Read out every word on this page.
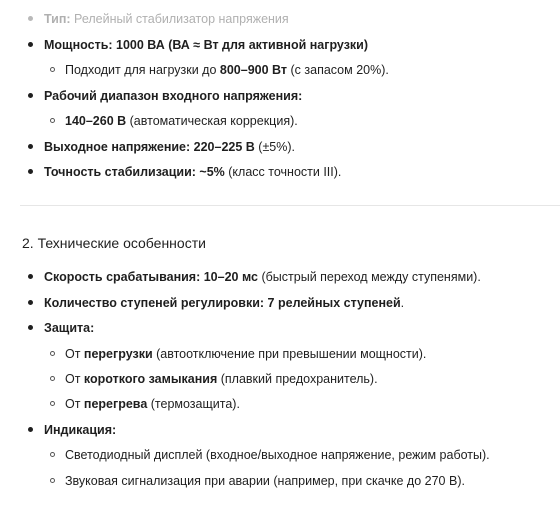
Тип: Релейный стабилизатор напряжения
Мощность: 1000 ВА (ВА ≈ Вт для активной нагрузки)
Подходит для нагрузки до 800–900 Вт (с запасом 20%).
Рабочий диапазон входного напряжения:
140–260 В (автоматическая коррекция).
Выходное напряжение: 220–225 В (±5%).
Точность стабилизации: ~5% (класс точности III).
2. Технические особенности
Скорость срабатывания: 10–20 мс (быстрый переход между ступенями).
Количество ступеней регулировки: 7 релейных ступеней.
Защита:
От перегрузки (автоотключение при превышении мощности).
От короткого замыкания (плавкий предохранитель).
От перегрева (термозащита).
Индикация:
Светодиодный дисплей (входное/выходное напряжение, режим работы).
Звуковая сигнализация при аварии (например, при скачке до 270 В).
